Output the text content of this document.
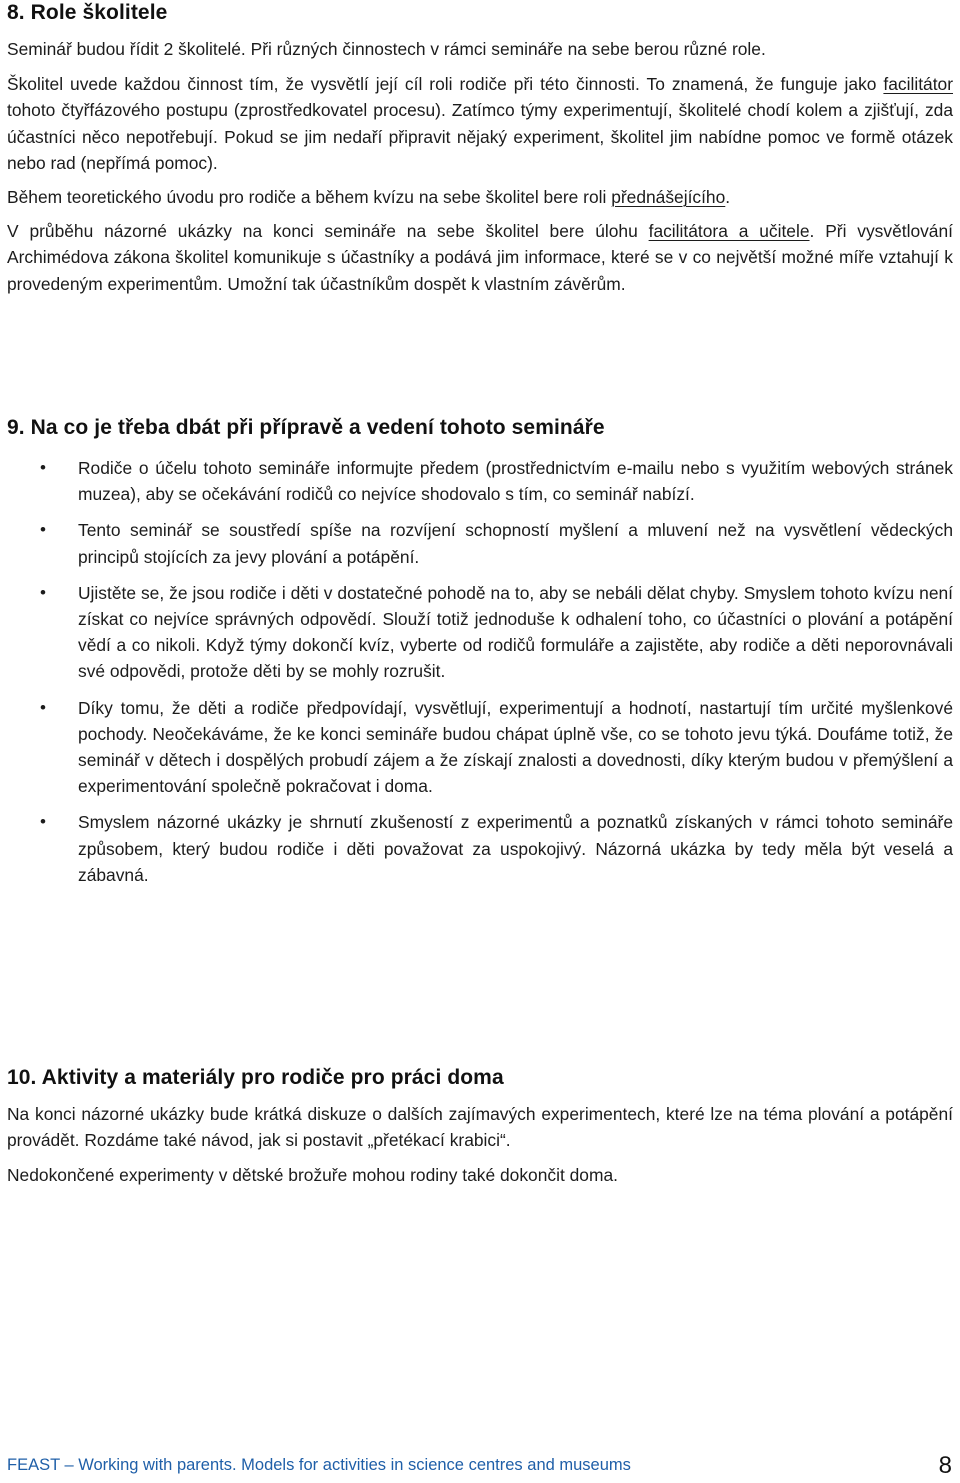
8. Role školitele

Seminář budou řídit 2 školitelé. Při různých činnostech v rámci semináře na sebe berou různé role.

Školitel uvede každou činnost tím, že vysvětlí její cíl roli rodiče při této činnosti. To znamená, že funguje jako facilitátor tohoto čtyřfázového postupu (zprostředkovatel procesu). Zatímco týmy experimentují, školitelé chodí kolem a zjišťují, zda účastníci něco nepotřebují. Pokud se jim nedaří připravit nějaký experiment, školitel jim nabídne pomoc ve formě otázek nebo rad (nepřímá pomoc).

Během teoretického úvodu pro rodiče a během kvízu na sebe školitel bere roli přednášejícího.

V průběhu názorné ukázky na konci semináře na sebe školitel bere úlohu facilitátora a učitele. Při vysvětlování Archimédova zákona školitel komunikuje s účastníky a podává jim informace, které se v co největší možné míře vztahují k provedeným experimentům. Umožní tak účastníkům dospět k vlastním závěrům.

9. Na co je třeba dbát při přípravě a vedení tohoto semináře
• Rodiče o účelu tohoto semináře informujte předem (prostřednictvím e-mailu nebo s využitím webových stránek muzea), aby se očekávání rodičů co nejvíce shodovalo s tím, co seminář nabízí.
• Tento seminář se soustředí spíše na rozvíjení schopností myšlení a mluvení než na vysvětlení vědeckých principů stojících za jevy plování a potápění.
• Ujistěte se, že jsou rodiče i děti v dostatečné pohodě na to, aby se nebáli dělat chyby. Smyslem tohoto kvízu není získat co nejvíce správných odpovědí. Slouží totiž jednoduše k odhalení toho, co účastníci o plování a potápění vědí a co nikoli. Když týmy dokončí kvíz, vyberte od rodičů formuláře a zajistěte, aby rodiče a děti neporovnávali své odpovědi, protože děti by se mohly rozrušit.
• Díky tomu, že děti a rodiče předpovídají, vysvětlují, experimentují a hodnotí, nastartují tím určité myšlenkové pochody. Neočekáváme, že ke konci semináře budou chápat úplně vše, co se tohoto jevu týká. Doufáme totiž, že seminář v dětech i dospělých probudí zájem a že získají znalosti a dovednosti, díky kterým budou v přemýšlení a experimentování společně pokračovat i doma.
• Smyslem názorné ukázky je shrnutí zkušeností z experimentů a poznatků získaných v rámci tohoto semináře způsobem, který budou rodiče i děti považovat za uspokojivý. Názorná ukázka by tedy měla být veselá a zábavná.
10. Aktivity a materiály pro rodiče pro práci doma

Na konci názorné ukázky bude krátká diskuze o dalších zajímavých experimentech, které lze na téma plování a potápění provádět. Rozdáme také návod, jak si postavit „přetékací krabici“.

Nedokončené experimenty v dětské brožuře mohou rodiny také dokončit doma.

FEAST – Working with parents. Models for activities in science centres and museums	8
